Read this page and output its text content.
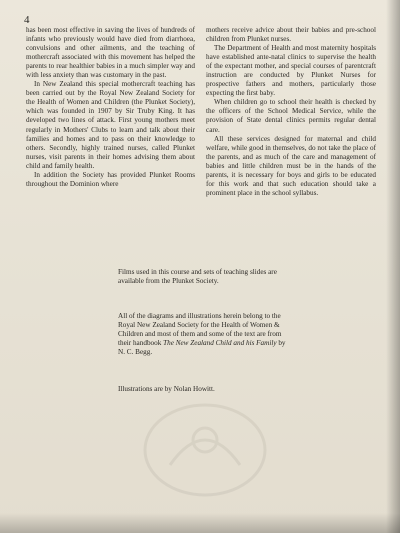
4

has been most effective in saving the lives of hundreds of infants who previously would have died from diarrhoea, convulsions and other ailments, and the teaching of mothercraft associated with this movement has helped the parents to rear healthier babies in a much simpler way and with less anxiety than was customary in the past.

In New Zealand this special mothercraft teaching has been carried out by the Royal New Zealand Society for the Health of Women and Children (the Plunket Society), which was founded in 1907 by Sir Truby King. It has developed two lines of attack. First young mothers meet regularly in Mothers' Clubs to learn and talk about their families and homes and to pass on their knowledge to others. Secondly, highly trained nurses, called Plunket nurses, visit parents in their homes advising them about child and family health.

In addition the Society has provided Plunket Rooms throughout the Dominion where

mothers receive advice about their babies and pre-school children from Plunket nurses.

The Department of Health and most maternity hospitals have established ante-natal clinics to supervise the health of the expectant mother, and special courses of parentcraft instruction are conducted by Plunket Nurses for prospective fathers and mothers, particularly those expecting the first baby.

When children go to school their health is checked by the officers of the School Medical Service, while the provision of State dental clinics permits regular dental care.

All these services designed for maternal and child welfare, while good in themselves, do not take the place of the parents, and as much of the care and management of babies and little children must be in the hands of the parents, it is necessary for boys and girls to be educated for this work and that such education should take a prominent place in the school syllabus.

Films used in this course and sets of teaching slides are available from the Plunket Society.
All of the diagrams and illustrations herein belong to the Royal New Zealand Society for the Health of Women & Children and most of them and some of the text are from their handbook The New Zealand Child and his Family by N. C. Begg.
Illustrations are by Nolan Howitt.
